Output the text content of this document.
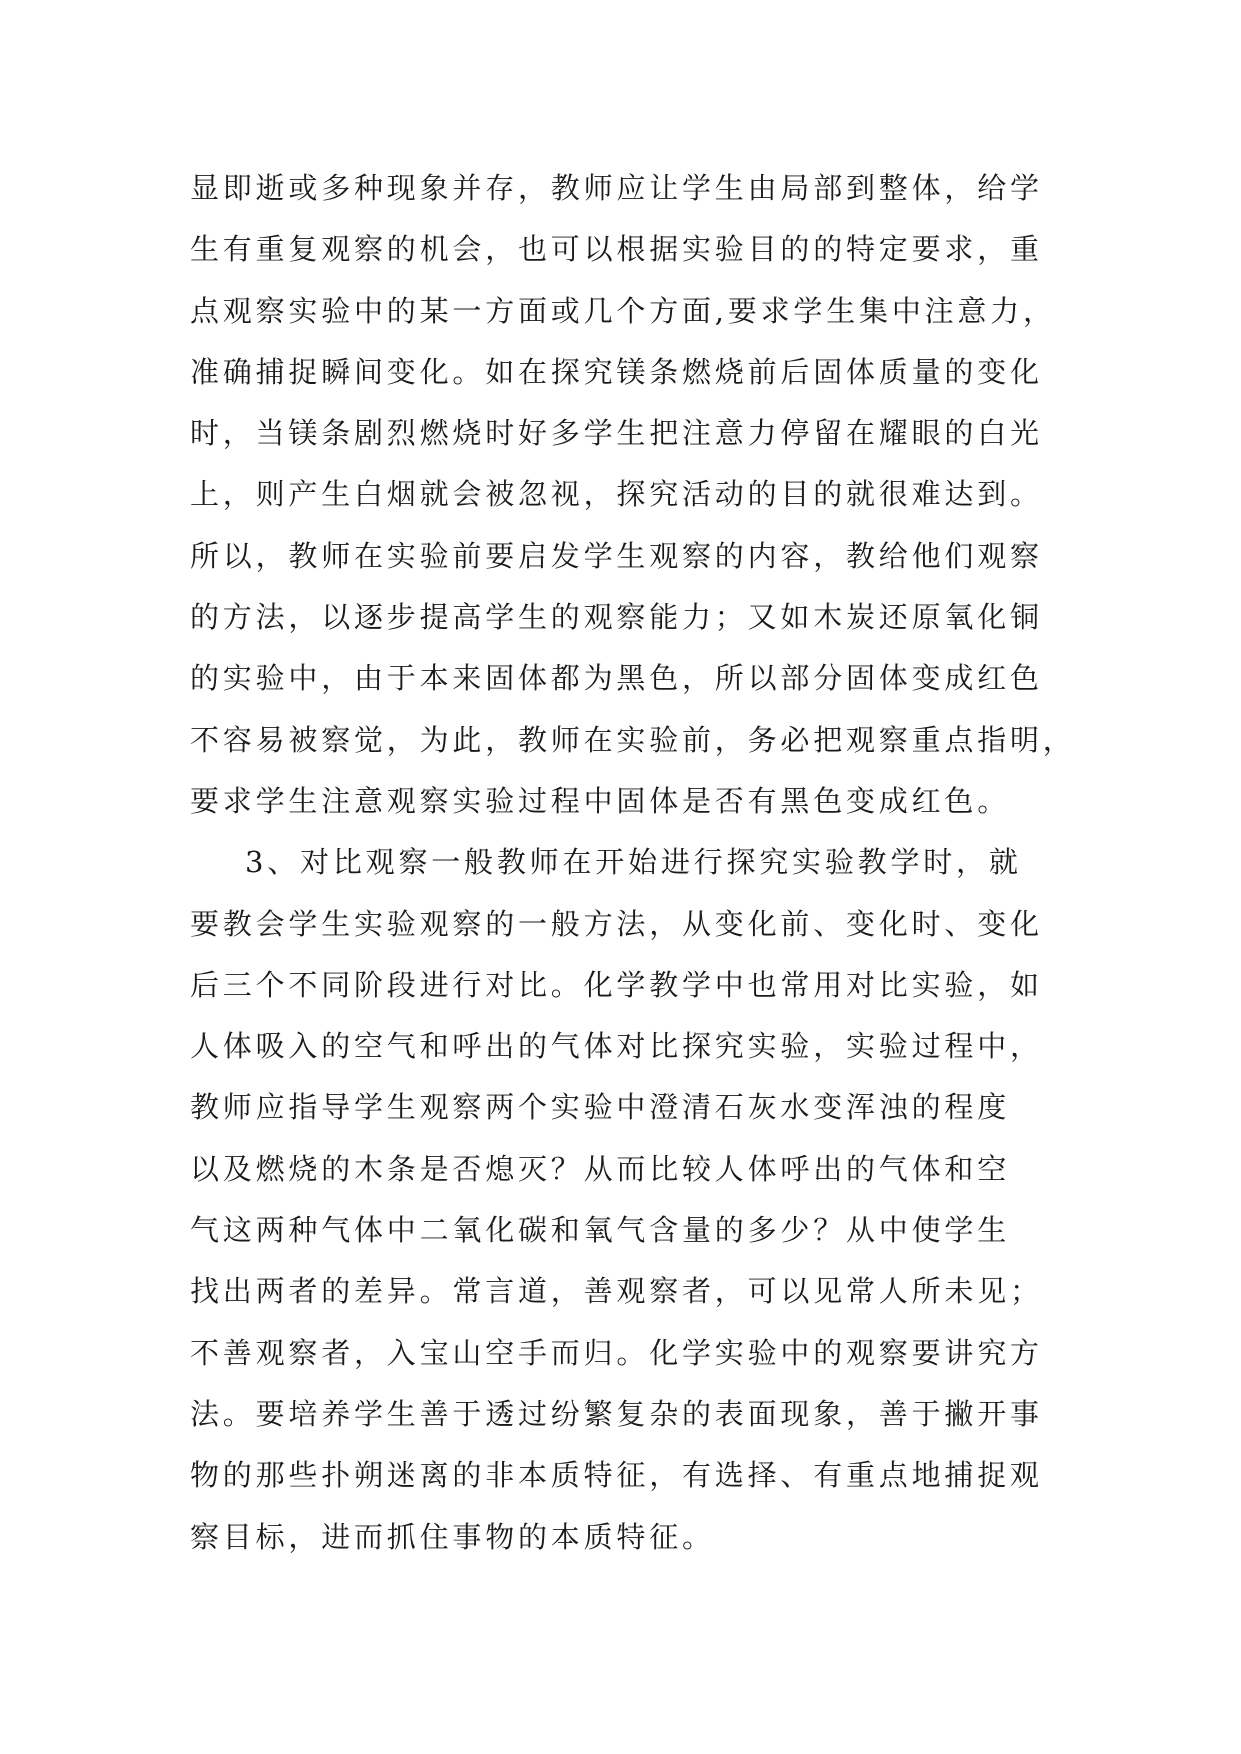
显即逝或多种现象并存，教师应让学生由局部到整体，给学
生有重复观察的机会，也可以根据实验目的的特定要求，重
点观察实验中的某一方面或几个方面,要求学生集中注意力，
准确捕捉瞬间变化。如在探究镁条燃烧前后固体质量的变化
时，当镁条剧烈燃烧时好多学生把注意力停留在耀眼的白光
上，则产生白烟就会被忽视，探究活动的目的就很难达到。
所以，教师在实验前要启发学生观察的内容，教给他们观察
的方法，以逐步提高学生的观察能力；又如木炭还原氧化铜
的实验中，由于本来固体都为黑色，所以部分固体变成红色
不容易被察觉，为此，教师在实验前，务必把观察重点指明，
要求学生注意观察实验过程中固体是否有黑色变成红色。
3、对比观察一般教师在开始进行探究实验教学时，就
要教会学生实验观察的一般方法，从变化前、变化时、变化
后三个不同阶段进行对比。化学教学中也常用对比实验，如
人体吸入的空气和呼出的气体对比探究实验，实验过程中，
教师应指导学生观察两个实验中澄清石灰水变浑浊的程度
以及燃烧的木条是否熄灭？从而比较人体呼出的气体和空
气这两种气体中二氧化碳和氧气含量的多少？从中使学生
找出两者的差异。常言道，善观察者，可以见常人所未见；
不善观察者，入宝山空手而归。化学实验中的观察要讲究方
法。要培养学生善于透过纷繁复杂的表面现象，善于撇开事
物的那些扑朔迷离的非本质特征，有选择、有重点地捕捉观
察目标，进而抓住事物的本质特征。
